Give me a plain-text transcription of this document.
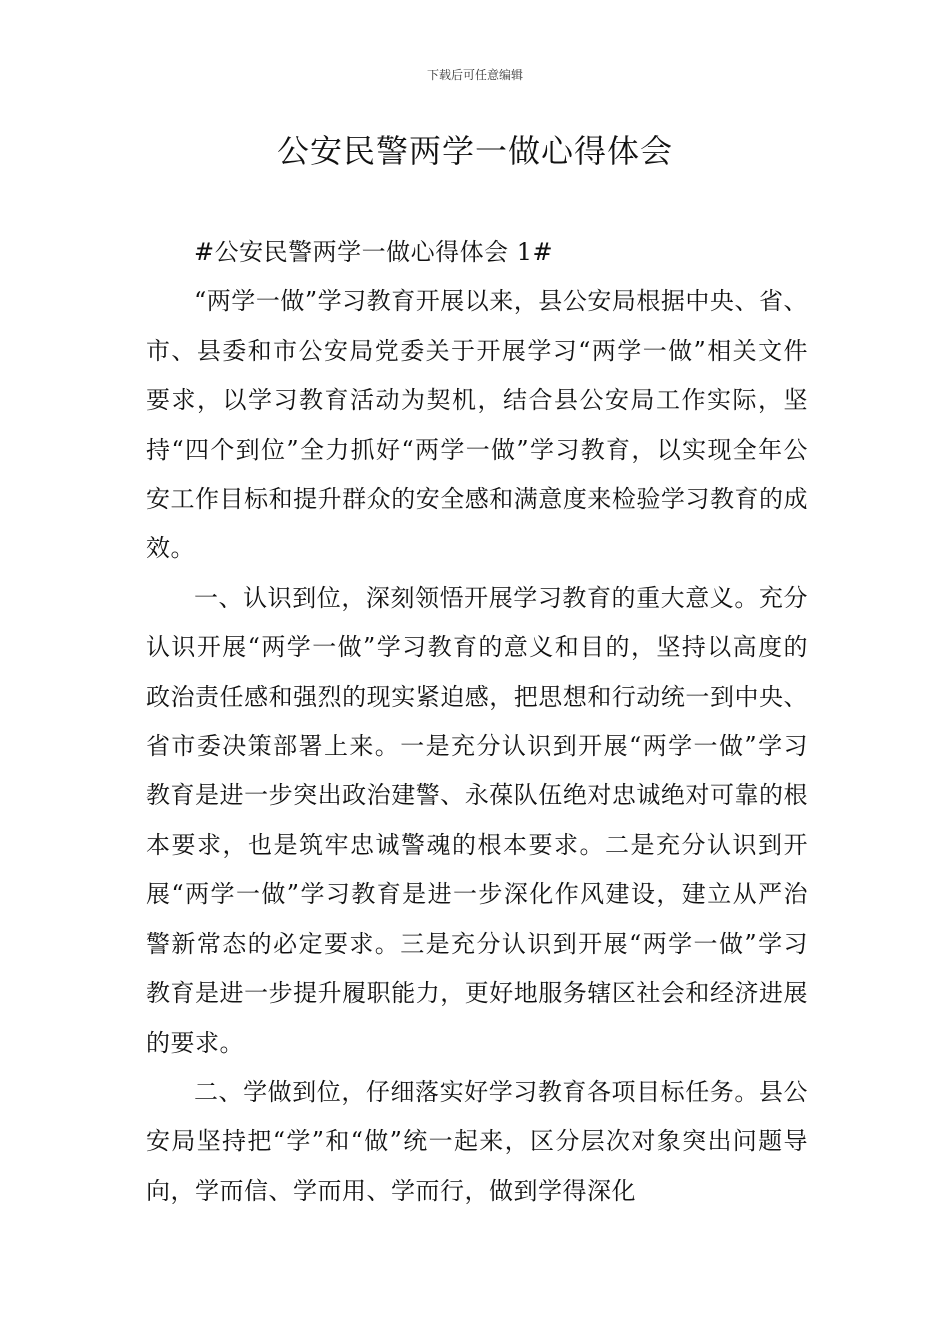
下载后可任意编辑
公安民警两学一做心得体会

#公安民警两学一做心得体会 1#

“两学一做”学习教育开展以来，县公安局根据中央、省、市、县委和市公安局党委关于开展学习“两学一做”相关文件要求，以学习教育活动为契机，结合县公安局工作实际，坚持“四个到位”全力抓好“两学一做”学习教育，以实现全年公安工作目标和提升群众的安全感和满意度来检验学习教育的成效。

一、认识到位，深刻领悟开展学习教育的重大意义。充分认识开展“两学一做”学习教育的意义和目的，坚持以高度的政治责任感和强烈的现实紧迫感，把思想和行动统一到中央、省市委决策部署上来。一是充分认识到开展“两学一做”学习教育是进一步突出政治建警、永葆队伍绝对忠诚绝对可靠的根本要求，也是筑牢忠诚警魂的根本要求。二是充分认识到开展“两学一做”学习教育是进一步深化作风建设，建立从严治警新常态的必定要求。三是充分认识到开展“两学一做”学习教育是进一步提升履职能力，更好地服务辖区社会和经济进展的要求。

二、学做到位，仔细落实好学习教育各项目标任务。县公安局坚持把“学”和“做”统一起来，区分层次对象突出问题导向，学而信、学而用、学而行，做到学得深化
